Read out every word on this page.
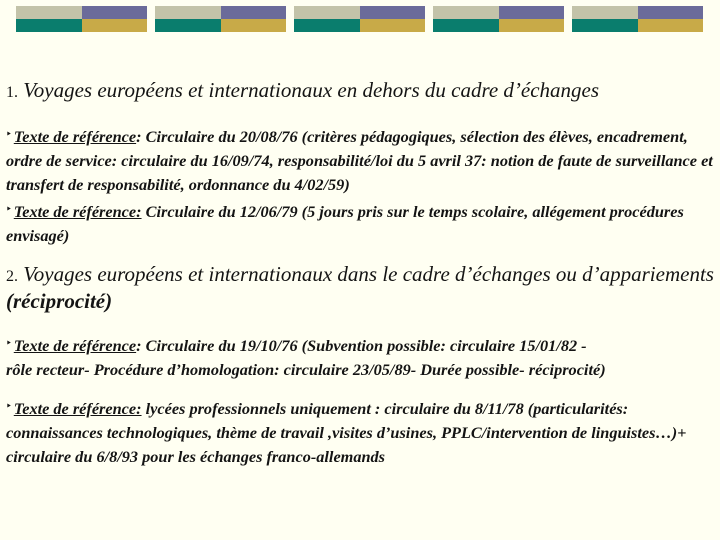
1. Voyages européens et internationaux en dehors du cadre d’échanges
‣ Texte de référence: Circulaire du 20/08/76 (critères pédagogiques, sélection des élèves, encadrement, ordre de service: circulaire du 16/09/74, responsabilité/loi du 5 avril 37: notion de faute de surveillance et transfert de responsabilité, ordonnance du 4/02/59)
‣ Texte de référence: Circulaire du 12/06/79 (5 jours pris sur le temps scolaire, allégement procédures envisagé)
2. Voyages européens et internationaux dans le cadre d’échanges ou d’appariements (réciprocité)
‣ Texte de référence: Circulaire du 19/10/76 (Subvention possible: circulaire 15/01/82 -
rôle recteur- Procédure d’homologation: circulaire 23/05/89- Durée possible- réciprocité)
‣ Texte de référence: lycées professionnels uniquement : circulaire du 8/11/78 (particularités: connaissances technologiques, thème de travail ,visites d’usines, PPLC/intervention de linguistes…)+ circulaire du 6/8/93 pour les échanges franco-allemands
